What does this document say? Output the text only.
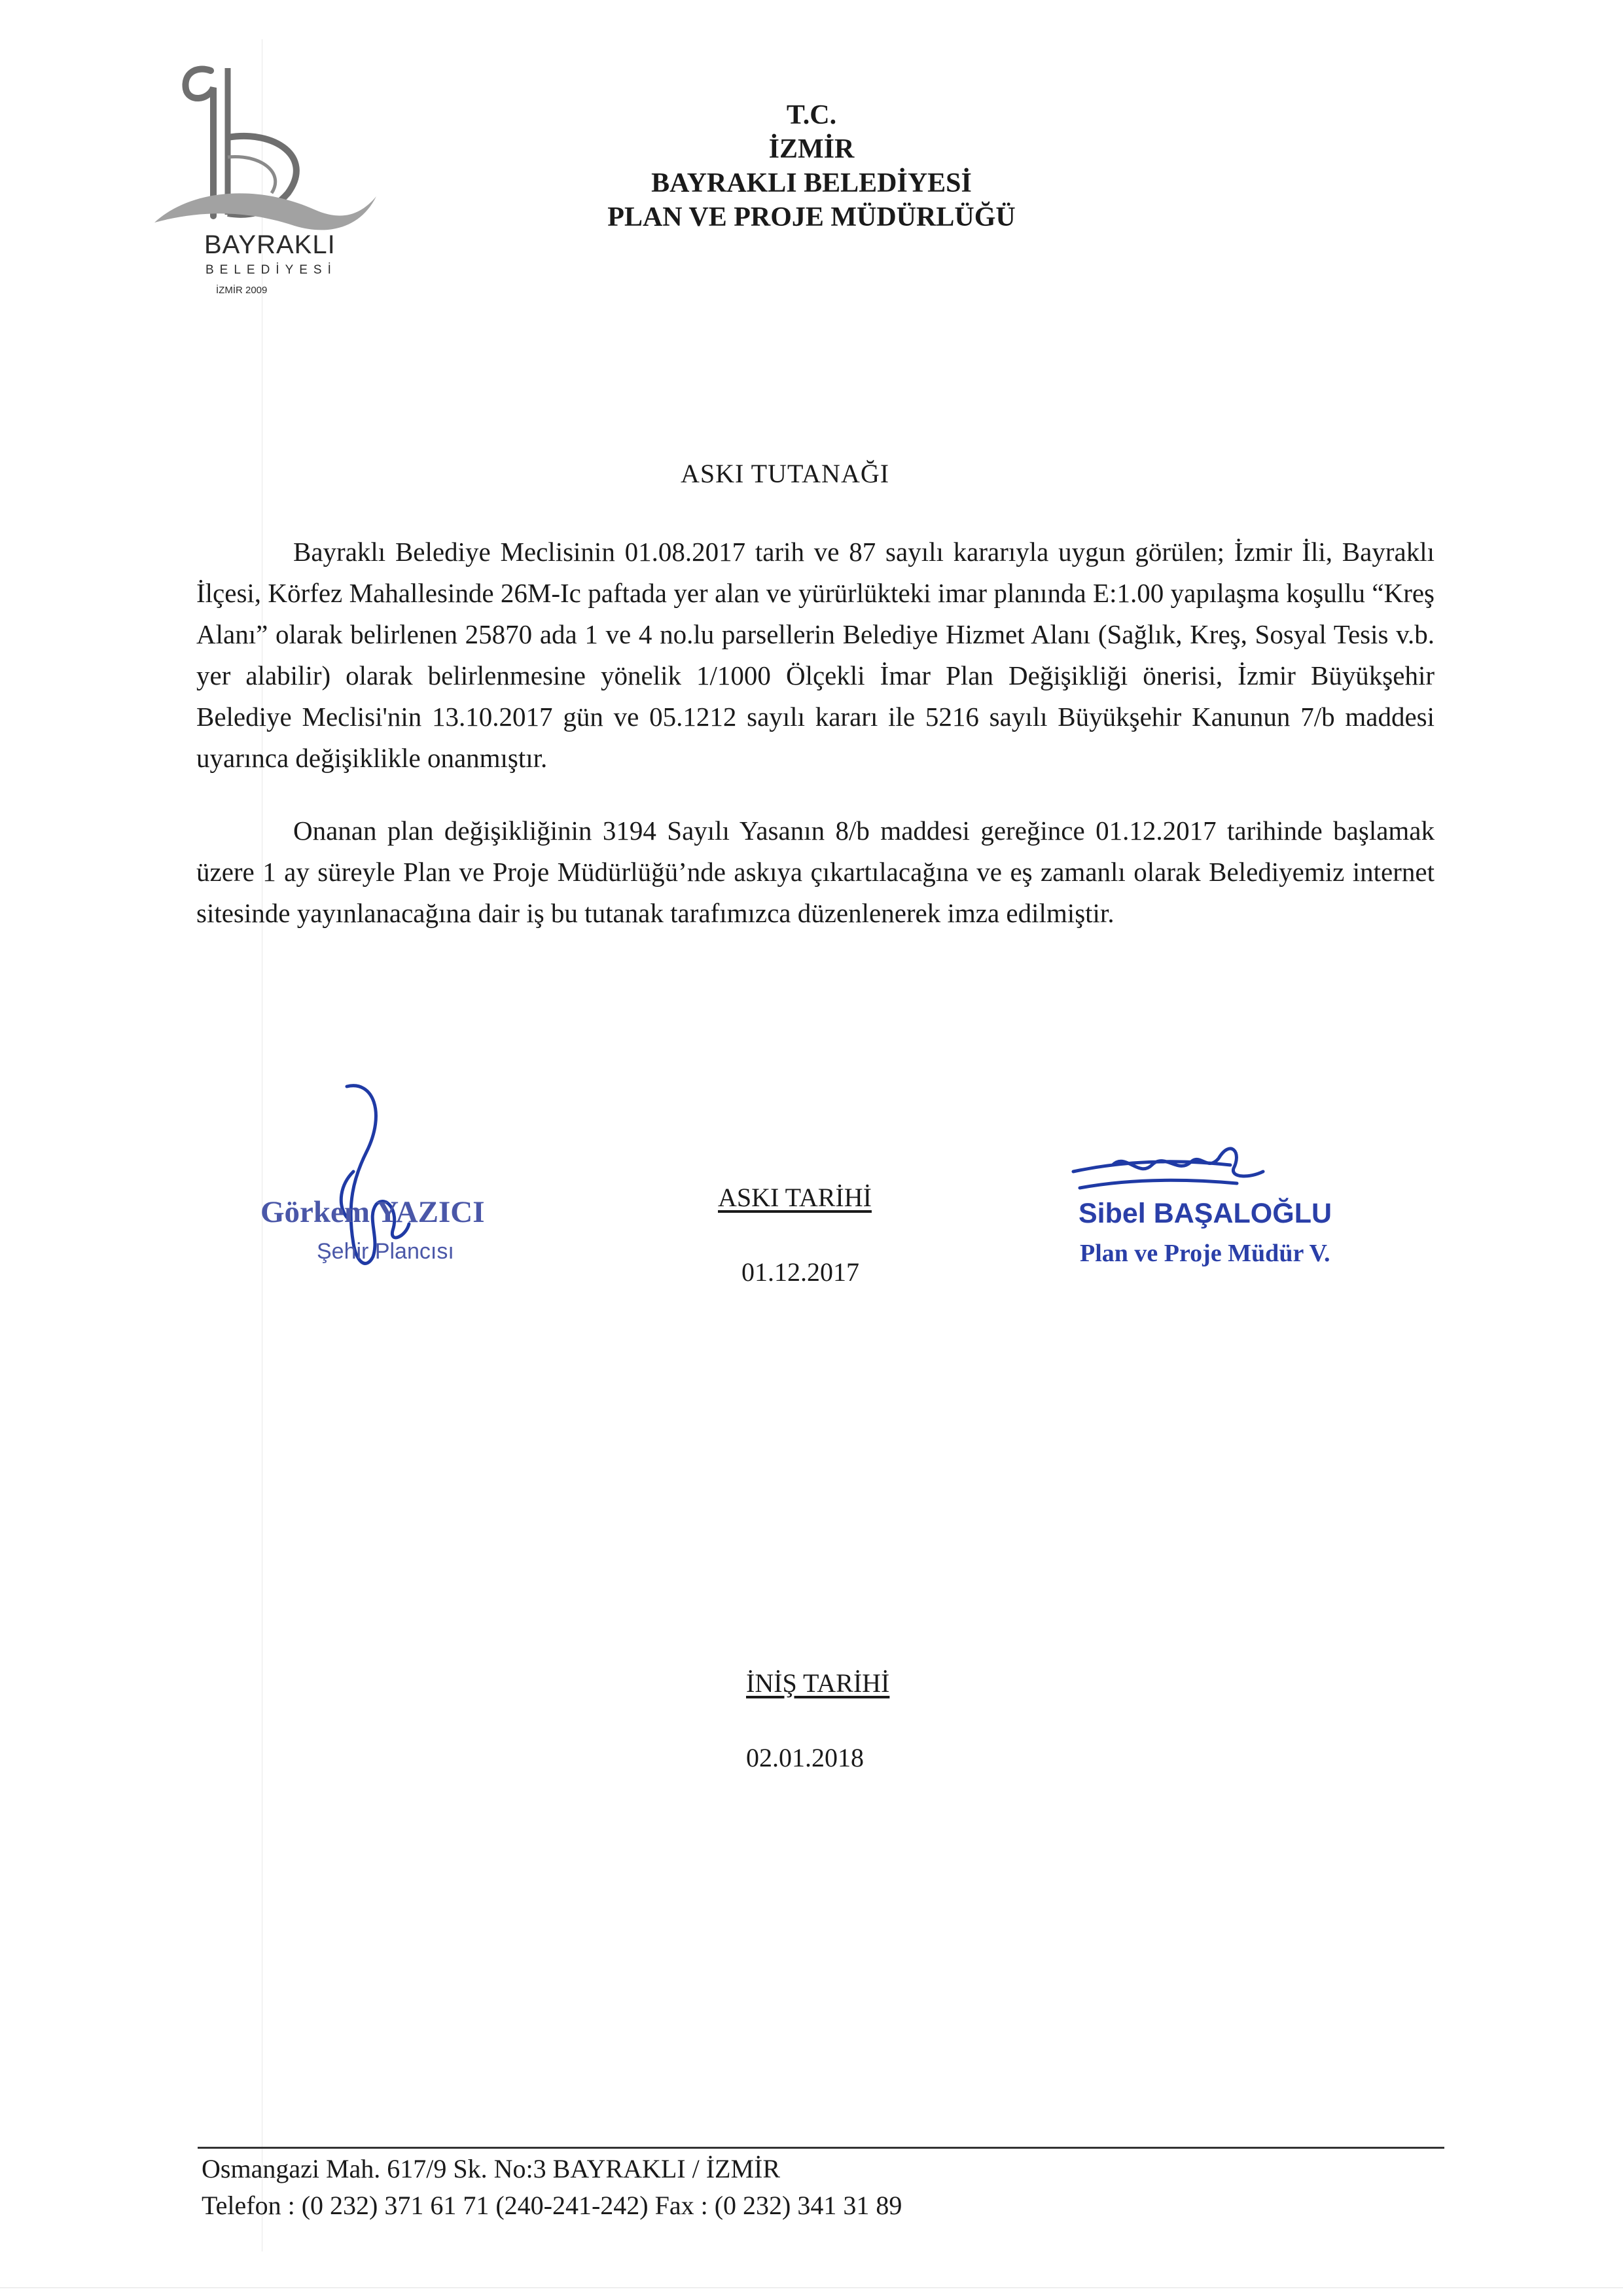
BAYRAKLI
BELEDİYESİ
İZMİR 2009
T.C.
İZMİR
BAYRAKLI BELEDİYESİ
PLAN VE PROJE MÜDÜRLÜĞÜ
ASKI TUTANAĞI
Bayraklı Belediye Meclisinin 01.08.2017 tarih ve 87 sayılı kararıyla uygun görülen; İzmir İli, Bayraklı İlçesi, Körfez Mahallesinde 26M-Ic paftada yer alan ve yürürlükteki imar planında E:1.00 yapılaşma koşullu “Kreş Alanı” olarak belirlenen 25870 ada 1 ve 4 no.lu parsellerin Belediye Hizmet Alanı (Sağlık, Kreş, Sosyal Tesis v.b. yer alabilir) olarak belirlenmesine yönelik 1/1000 Ölçekli İmar Plan Değişikliği önerisi, İzmir Büyükşehir Belediye Meclisi'nin 13.10.2017 gün ve 05.1212 sayılı kararı ile 5216 sayılı Büyükşehir Kanunun 7/b maddesi uyarınca değişiklikle onanmıştır.
Onanan plan değişikliğinin 3194 Sayılı Yasanın 8/b maddesi gereğince 01.12.2017 tarihinde başlamak üzere 1 ay süreyle Plan ve Proje Müdürlüğü’nde askıya çıkartılacağına ve eş zamanlı olarak Belediyemiz internet sitesinde yayınlanacağına dair iş bu tutanak tarafımızca düzenlenerek imza edilmiştir.
Görkem YAZICI
Şehir Plancısı
ASKI TARİHİ
01.12.2017
Sibel BAŞALOĞLU
Plan ve Proje Müdür V.
İNİŞ TARİHİ
02.01.2018
Osmangazi Mah. 617/9 Sk. No:3 BAYRAKLI / İZMİR
Telefon : (0 232) 371 61 71 (240-241-242) Fax : (0 232) 341 31 89
